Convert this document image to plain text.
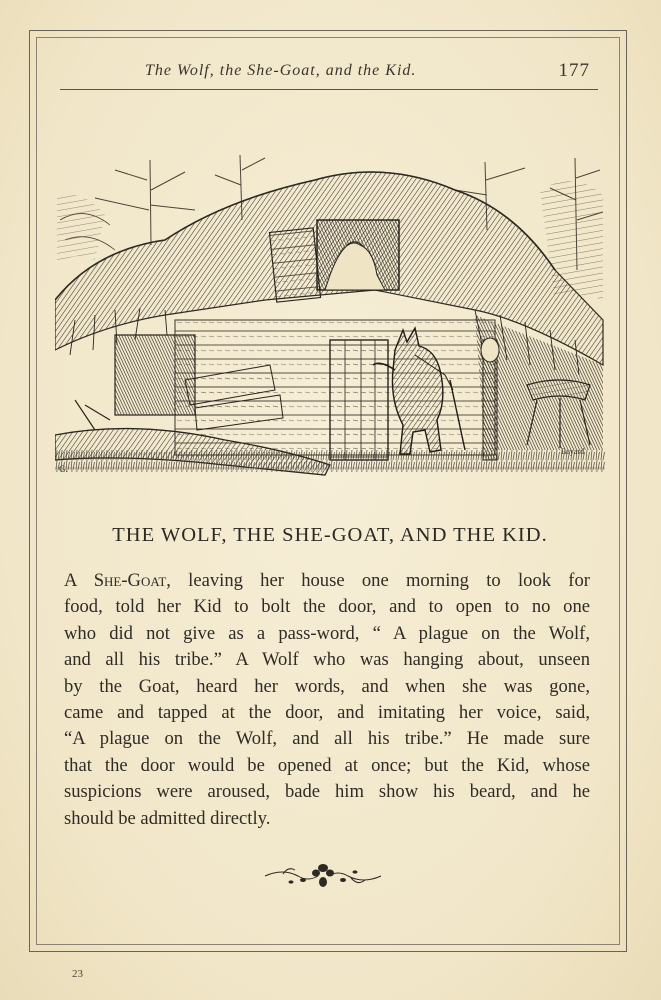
The Wolf, the She-Goat, and the Kid.	177
G.
Bayard
THE WOLF, THE SHE-GOAT, AND THE KID.
A She-Goat, leaving her house one morning to look for
food, told her Kid to bolt the door, and to open to no one
who did not give as a pass-word, “ A plague on the Wolf,
and all his tribe.” A Wolf who was hanging about, unseen
by the Goat, heard her words, and when she was gone,
came and tapped at the door, and imitating her voice, said,
“A plague on the Wolf, and all his tribe.” He made sure
that the door would be opened at once; but the Kid, whose
suspicions were aroused, bade him show his beard, and he
should be admitted directly.
23
